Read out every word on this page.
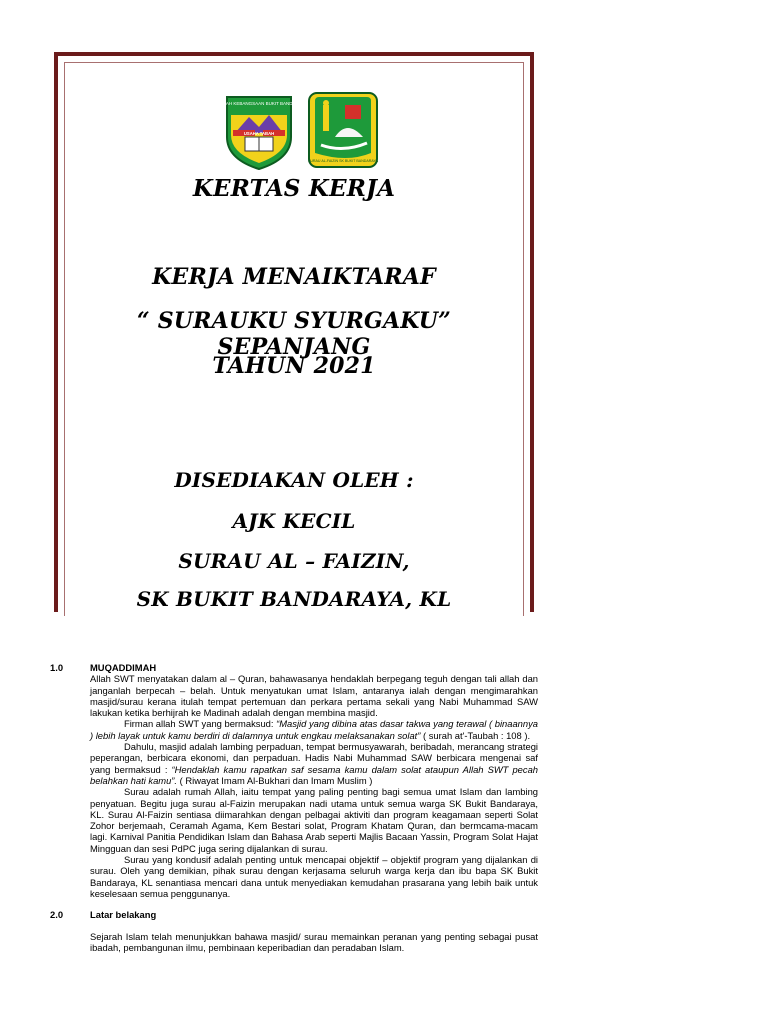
SEKOLAH KEBANGSAAN BUKIT BANDARAYA
USAHA TABAH
SURAU AL-FAIZIN SK BUKIT BANDARAYA
KERTAS KERJA
KERJA MENAIKTARAF
“ SURAUKU SYURGAKU” SEPANJANG
TAHUN 2021
DISEDIAKAN OLEH :
AJK KECIL
SURAU AL – FAIZIN,
SK BUKIT BANDARAYA, KL
1.0	MUQADDIMAH

Allah SWT menyatakan dalam al – Quran, bahawasanya hendaklah berpegang teguh dengan tali allah dan janganlah berpecah – belah. Untuk menyatukan umat Islam, antaranya ialah dengan mengimarahkan masjid/surau kerana itulah tempat pertemuan dan perkara pertama sekali yang Nabi Muhammad SAW lakukan ketika berhijrah ke Madinah adalah dengan membina masjid.

Firman allah SWT yang bermaksud: “Masjid yang dibina atas dasar takwa yang terawal ( binaannya ) lebih layak untuk kamu berdiri di dalamnya untuk engkau melaksanakan solat” ( surah at'-Taubah : 108 ).

Dahulu, masjid adalah lambing perpaduan, tempat bermusyawarah, beribadah, merancang strategi peperangan, berbicara ekonomi, dan perpaduan. Hadis Nabi Muhammad SAW berbicara mengenai saf yang bermaksud : “Hendaklah kamu rapatkan saf sesama kamu dalam solat ataupun Allah SWT pecah belahkan hati kamu”. ( Riwayat Imam Al-Bukhari dan Imam Muslim )

Surau adalah rumah Allah, iaitu tempat yang paling penting bagi semua umat Islam dan lambing penyatuan. Begitu juga surau al-Faizin merupakan nadi utama untuk semua warga SK Bukit Bandaraya, KL. Surau Al-Faizin sentiasa diimarahkan dengan pelbagai aktiviti dan program keagamaan seperti Solat Zohor berjemaah, Ceramah Agama, Kem Bestari solat, Program Khatam Quran, dan bermcama-macam lagi. Karnival Panitia Pendidikan Islam dan Bahasa Arab seperti Majlis Bacaan Yassin, Program Solat Hajat Mingguan dan sesi PdPC juga sering dijalankan di surau.

Surau yang kondusif adalah penting untuk mencapai objektif – objektif program yang dijalankan di surau. Oleh yang demikian, pihak surau dengan kerjasama seluruh warga kerja dan ibu bapa SK Bukit Bandaraya, KL senantiasa mencari dana untuk menyediakan kemudahan prasarana yang lebih baik untuk keselesaan semua penggunanya.

2.0	Latar belakang

Sejarah Islam telah menunjukkan bahawa masjid/ surau memainkan peranan yang penting sebagai pusat ibadah, pembangunan ilmu, pembinaan keperibadian dan peradaban Islam.
